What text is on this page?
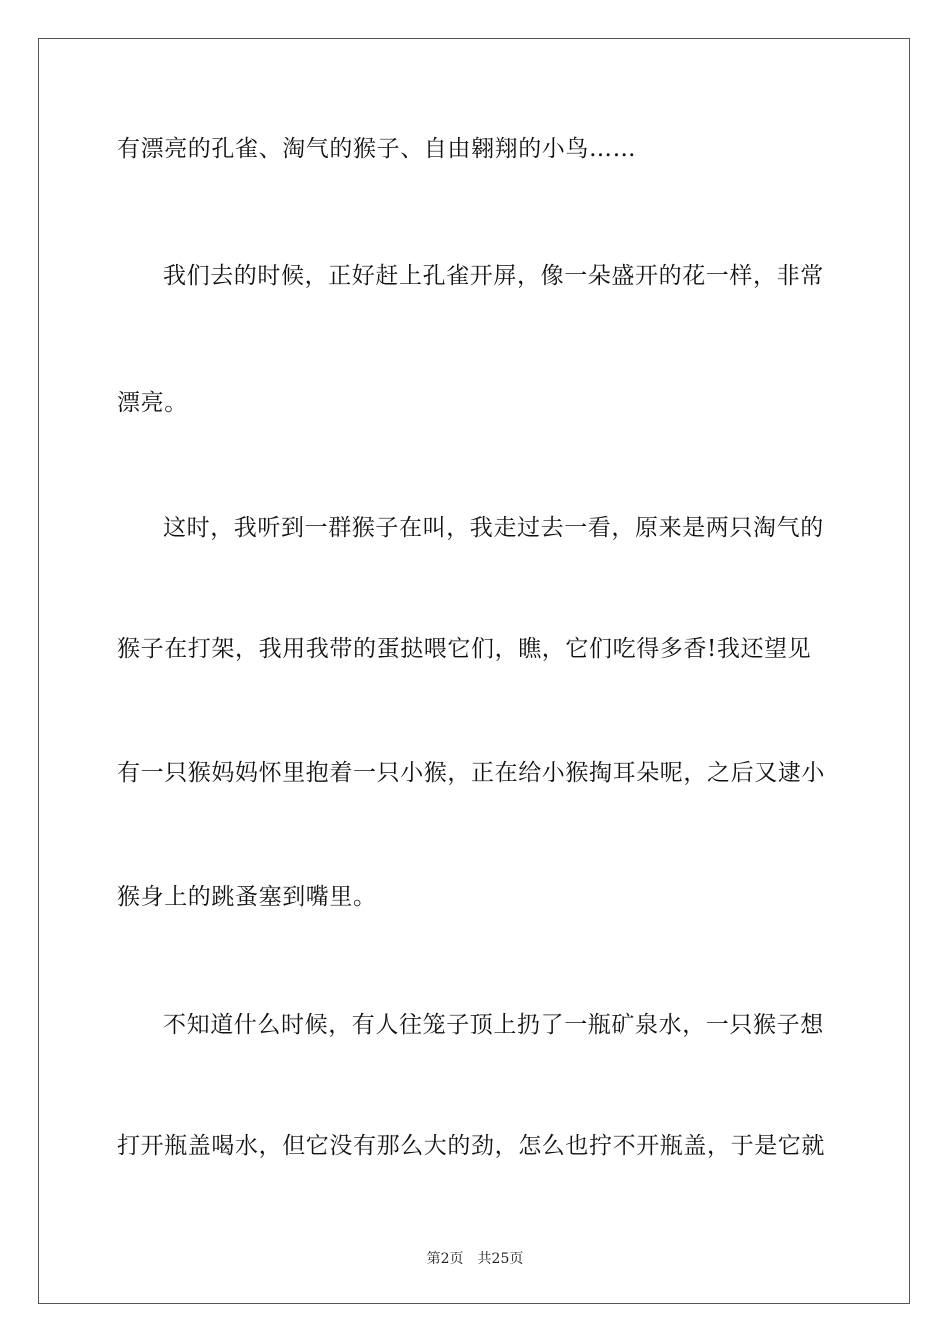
有漂亮的孔雀、淘气的猴子、自由翱翔的小鸟……
我们去的时候，正好赶上孔雀开屏，像一朵盛开的花一样，非常
漂亮。
这时，我听到一群猴子在叫，我走过去一看，原来是两只淘气的
猴子在打架，我用我带的蛋挞喂它们，瞧，它们吃得多香!我还望见
有一只猴妈妈怀里抱着一只小猴，正在给小猴掏耳朵呢，之后又逮小
猴身上的跳蚤塞到嘴里。
不知道什么时候，有人往笼子顶上扔了一瓶矿泉水，一只猴子想
打开瓶盖喝水，但它没有那么大的劲，怎么也拧不开瓶盖，于是它就
第2页 共25页
